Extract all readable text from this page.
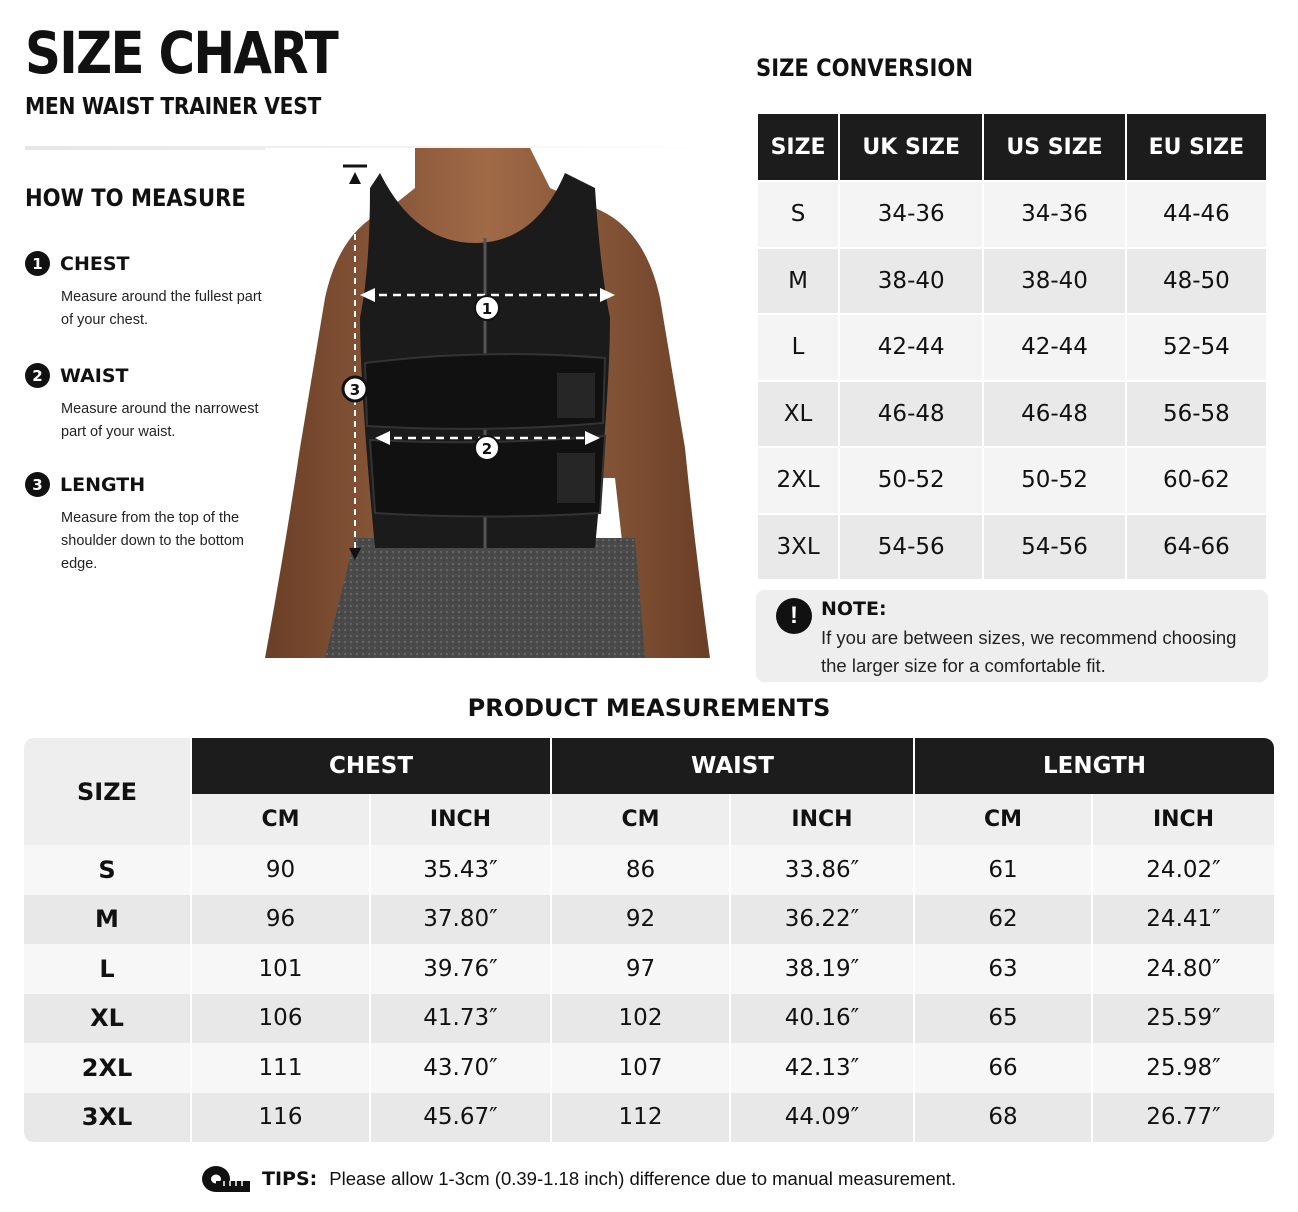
SIZE CHART
MEN WAIST TRAINER VEST
HOW TO MEASURE
1 CHEST
Measure around the fullest part of your chest.
2 WAIST
Measure around the narrowest part of your waist.
3 LENGTH
Measure from the top of the shoulder down to the bottom edge.
1
2
3
SIZE CONVERSION
SIZE	UK SIZE	US SIZE	EU SIZE
S	34-36	34-36	44-46
M	38-40	38-40	48-50
L	42-44	42-44	52-54
XL	46-48	46-48	56-58
2XL	50-52	50-52	60-62
3XL	54-56	54-56	64-66
!	NOTE:
If you are between sizes, we recommend choosing the larger size for a comfortable fit.
PRODUCT MEASUREMENTS
SIZE	CHEST		WAIST		LENGTH	
	CM	INCH	CM	INCH	CM	INCH
S	90	35.43″	86	33.86″	61	24.02″
M	96	37.80″	92	36.22″	62	24.41″
L	101	39.76″	97	38.19″	63	24.80″
XL	106	41.73″	102	40.16″	65	25.59″
2XL	111	43.70″	107	42.13″	66	25.98″
3XL	116	45.67″	112	44.09″	68	26.77″
TIPS: Please allow 1-3cm (0.39-1.18 inch) difference due to manual measurement.
